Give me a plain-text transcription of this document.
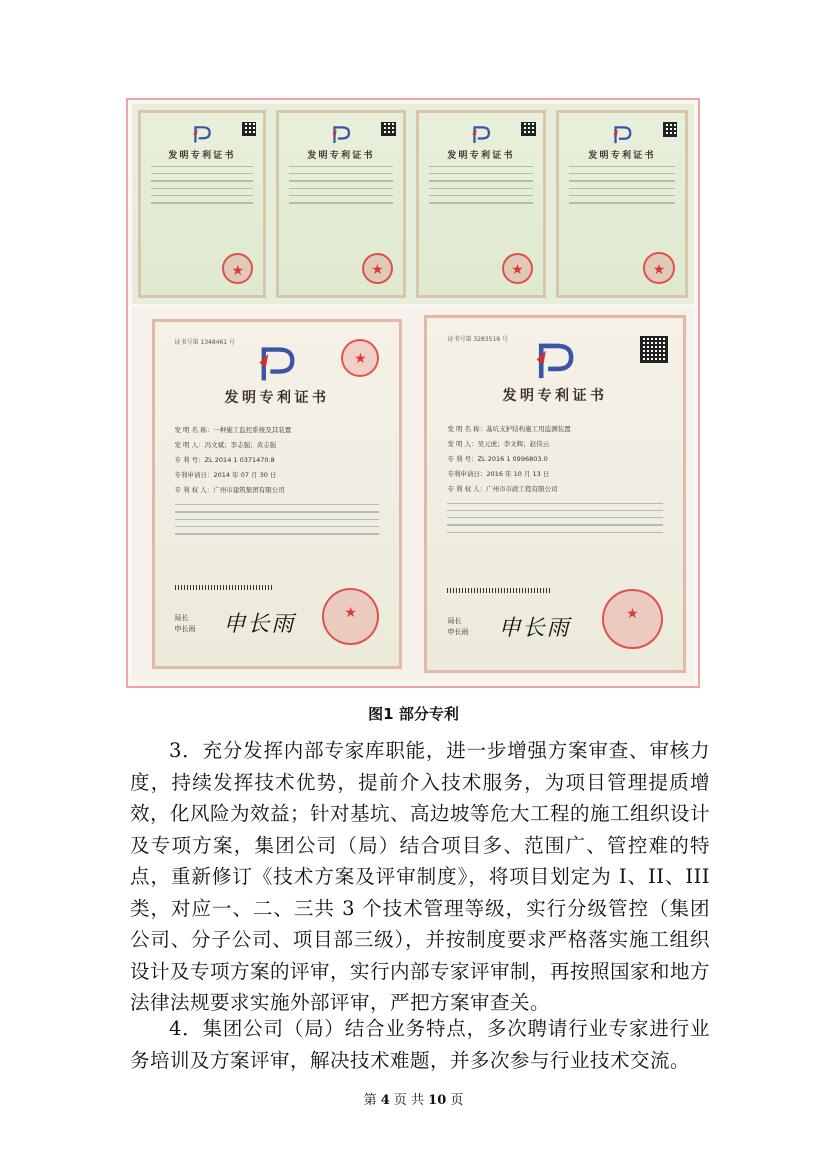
发明专利证书
★	发明专利证书
★	发明专利证书
★	发明专利证书
★
证书号第 1348461 号
★
发明专利证书
发 明 名 称：一种施工监控系统及其装置
发 明 人：冯文斌；李志强；黄志强
专 利 号：ZL 2014 1 0371470.8
专利申请日：2014 年 07 月 30 日
专 利 权 人：广州市建筑集团有限公司
局长
申长雨 申长雨
★
证书号第 3283518 号
发明专利证书
发 明 名 称：基坑支护结构施工用监测装置
发 明 人：吴元虎；李文辉；赵伟云
专 利 号：ZL 2016 1 0996803.0
专利申请日：2016 年 10 月 13 日
专 利 权 人：广州市市政工程有限公司
局长
申长雨 申长雨
★
图1 部分专利
3．充分发挥内部专家库职能，进一步增强方案审查、审核力度，持续发挥技术优势，提前介入技术服务，为项目管理提质增效，化风险为效益；针对基坑、高边坡等危大工程的施工组织设计及专项方案，集团公司（局）结合项目多、范围广、管控难的特点，重新修订《技术方案及评审制度》，将项目划定为 I、II、III 类，对应一、二、三共 3 个技术管理等级，实行分级管控（集团公司、分子公司、项目部三级），并按制度要求严格落实施工组织设计及专项方案的评审，实行内部专家评审制，再按照国家和地方法律法规要求实施外部评审，严把方案审查关。
4．集团公司（局）结合业务特点，多次聘请行业专家进行业务培训及方案评审，解决技术难题，并多次参与行业技术交流。
第 4 页 共 10 页
